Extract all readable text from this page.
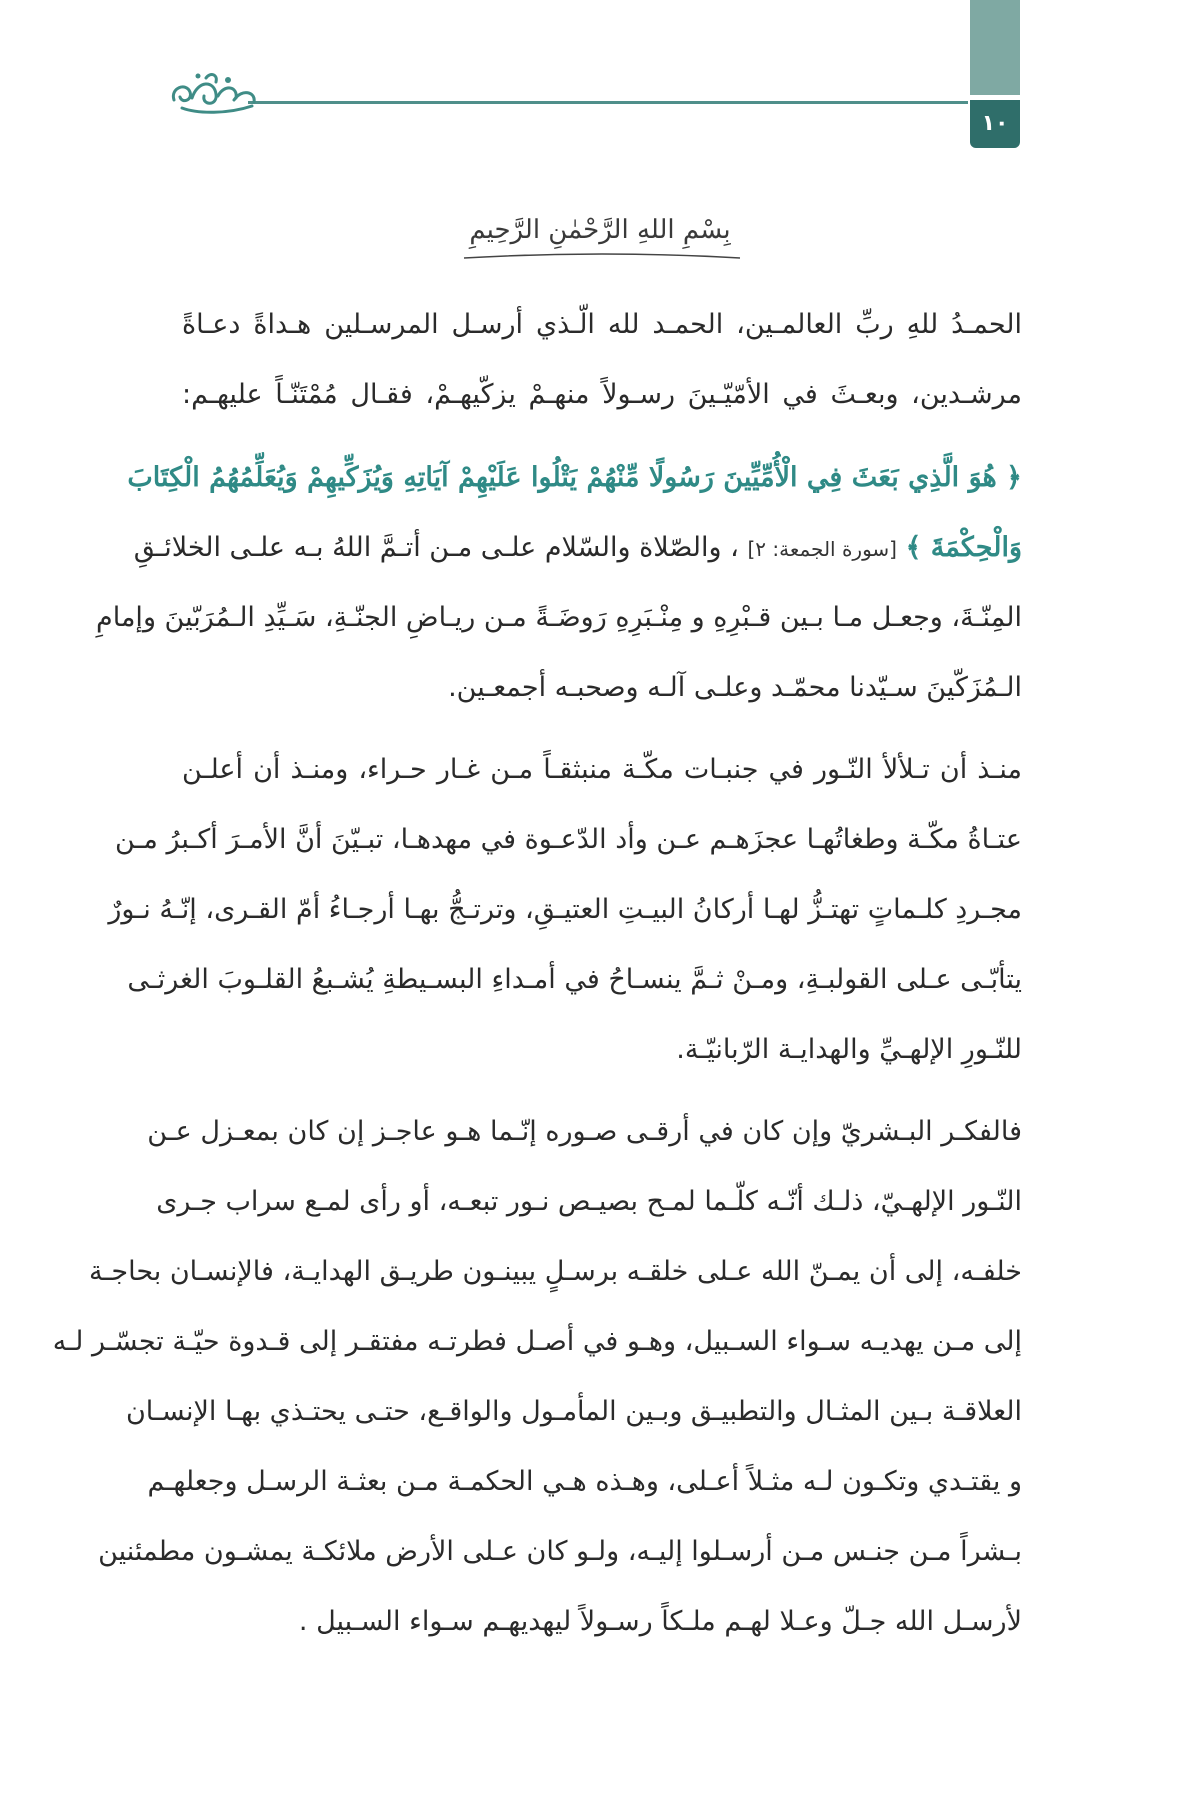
١٠
بِسْمِ اللهِ الرَّحْمٰنِ الرَّحِيمِ
الحمـدُ للهِ ربِّ العالمـين، الحمـد لله الّـذي أرسـل المرسـلين هـداةً دعـاةً
مرشـدين، وبعـثَ في الأمّيّـينَ رسـولاً منهـمْ يزكّيهـمْ، فقـال مُمْتَنّـاً عليهـم:
﴿ هُوَ الَّذِي بَعَثَ فِي الْأُمِّيِّينَ رَسُولًا مِّنْهُمْ يَتْلُوا عَلَيْهِمْ آيَاتِهِ وَيُزَكِّيهِمْ وَيُعَلِّمُهُمُ الْكِتَابَ
وَالْحِكْمَةَ ﴾ [سورة الجمعة: ٢] ، والصّلاة والسّلام علـى مـن أتـمَّ اللهُ بـه علـى الخلائـقِ
المِنّـةَ، وجعـل مـا بـين قـبْرِهِ و مِنْـبَرِهِ رَوضَـةً مـن ريـاضِ الجنّـةِ، سَـيِّدِ الـمُرَبّينَ وإمامِ
الـمُزَكّينَ سـيّدنا محمّـد وعلـى آلـه وصحبـه أجمعـين.
منـذ أن تـلألأ النّـور في جنبـات مكّـة منبثقـاً مـن غـار حـراء، ومنـذ أن أعلـن
عتـاةُ مكّـة وطغاتُهـا عجزَهـم عـن وأد الدّعـوة في مهدهـا، تبـيّنَ أنَّ الأمـرَ أكـبرُ مـن
مجـردِ كلـماتٍ تهتـزُّ لهـا أركانُ البيـتِ العتيـقِ، وترتـجُّ بهـا أرجـاءُ أمّ القـرى، إنّـهُ نـورٌ
يتأبّـى عـلى القولبـةِ، ومـنْ ثـمَّ ينسـاحُ في أمـداءِ البسـيطةِ يُشـبعُ القلـوبَ الغرثـى
للنّـورِ الإلهـيِّ والهدايـة الرّبانيّـة.
فالفكـر البـشريّ وإن كان في أرقـى صـوره إنّـما هـو عاجـز إن كان بمعـزل عـن
النّـور الإلهـيّ، ذلـك أنّـه كلّـما لمـح بصيـص نـور تبعـه، أو رأى لمـع سراب جـرى
خلفـه، إلى أن يمـنّ الله عـلى خلقـه برسـلٍ يبينـون طريـق الهدايـة، فالإنسـان بحاجـة
إلى مـن يهديـه سـواء السـبيل، وهـو في أصـل فطرتـه مفتقـر إلى قـدوة حيّـة تجسّـر لـه
العلاقـة بـين المثـال والتطبيـق وبـين المأمـول والواقـع، حتـى يحتـذي بهـا الإنسـان
و يقتـدي وتكـون لـه مثـلاً أعـلى، وهـذه هـي الحكمـة مـن بعثـة الرسـل وجعلهـم
بـشراً مـن جنـس مـن أرسـلوا إليـه، ولـو كان عـلى الأرض ملائكـة يمشـون مطمئنين
لأرسـل الله جـلّ وعـلا لهـم ملـكاً رسـولاً ليهديهـم سـواء السـبيل .
